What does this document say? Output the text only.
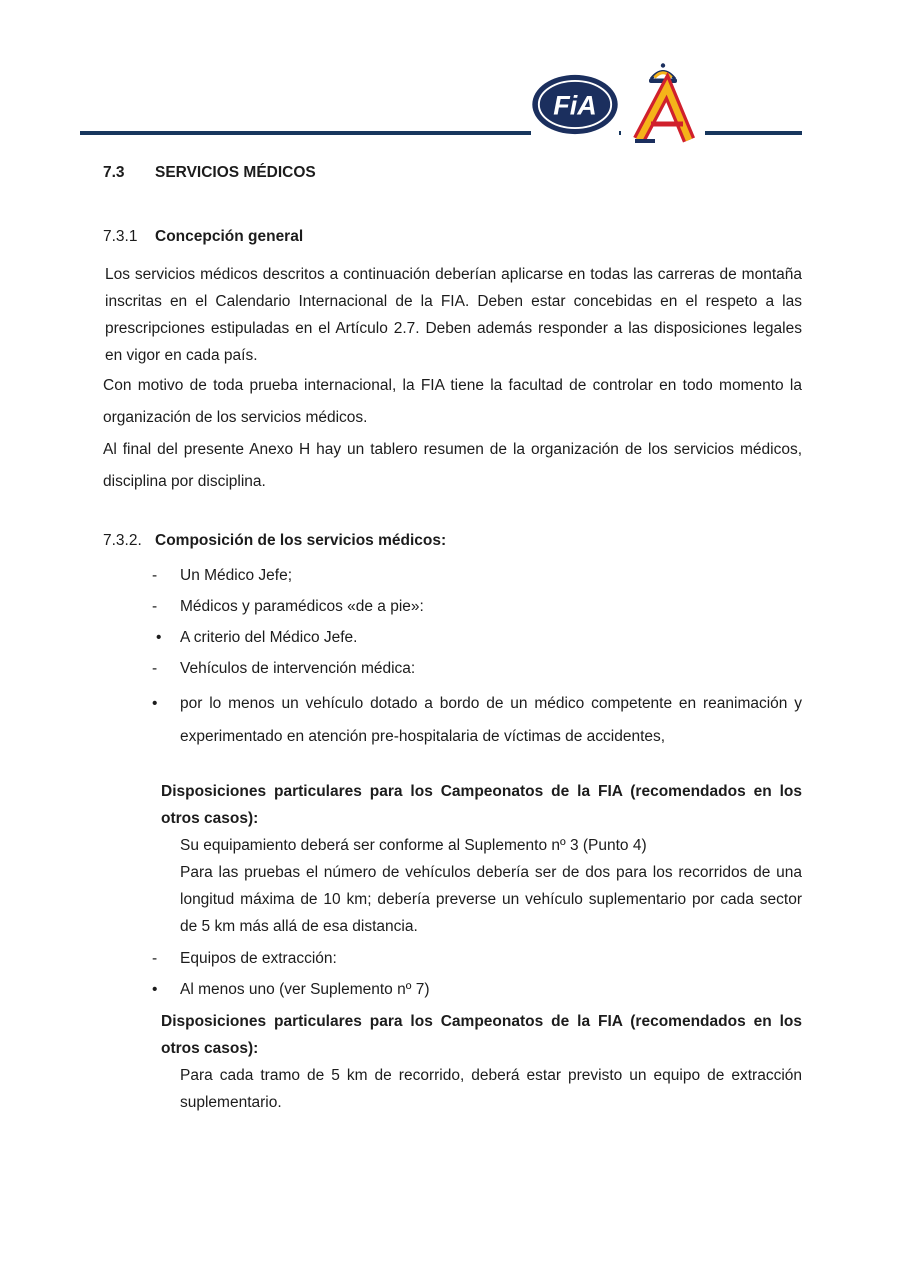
FiA
7.3	SERVICIOS MÉDICOS
7.3.1	Concepción general

Los servicios médicos descritos a continuación deberían aplicarse en todas las carreras de montaña inscritas en el Calendario Internacional de la FIA. Deben estar concebidas en el respeto a las prescripciones estipuladas en el Artículo 2.7. Deben además responder a las disposiciones legales en vigor en cada país.

Con motivo de toda prueba internacional, la FIA tiene la facultad de controlar en todo momento la organización de los servicios médicos.

Al final del presente Anexo H hay un tablero resumen de la organización de los servicios médicos, disciplina por disciplina.

7.3.2. Composición de los servicios médicos:
-	Un Médico Jefe;
-	Médicos y paramédicos «de a pie»:
•	A criterio del Médico Jefe.
-	Vehículos de intervención médica:
•	por lo menos un vehículo dotado a bordo de un médico competente en reanimación y experimentado en atención pre-hospitalaria de víctimas de accidentes,

Disposiciones particulares para los Campeonatos de la FIA (recomendados en los otros casos):

Su equipamiento deberá ser conforme al Suplemento nº 3 (Punto 4)

Para las pruebas el número de vehículos debería ser de dos para los recorridos de una longitud máxima de 10 km; debería preverse un vehículo suplementario por cada sector de 5 km más allá de esa distancia.

-	Equipos de extracción:
•	Al menos uno (ver Suplemento nº 7)

Disposiciones particulares para los Campeonatos de la FIA (recomendados en los otros casos):

Para cada tramo de 5 km de recorrido, deberá estar previsto un equipo de extracción suplementario.
